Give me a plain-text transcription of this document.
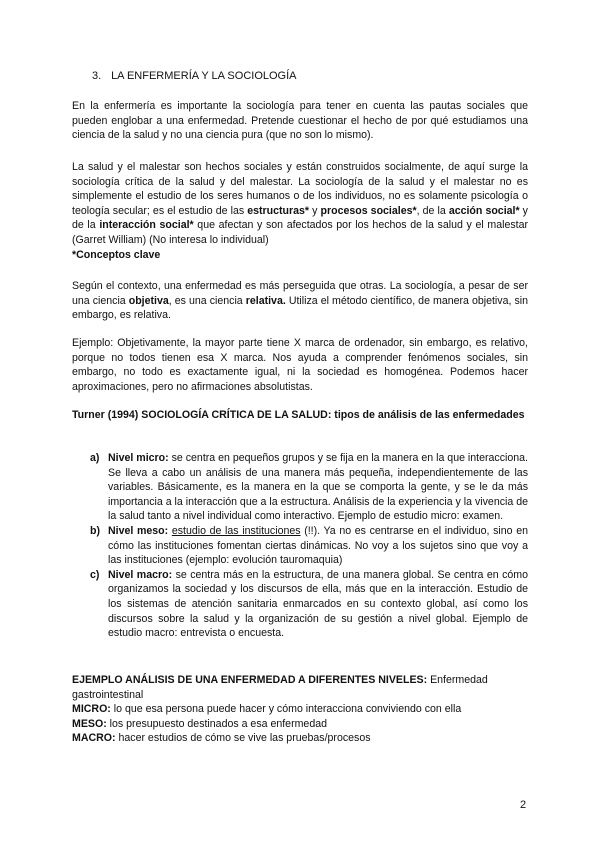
3. LA ENFERMERÍA Y LA SOCIOLOGÍA

En la enfermería es importante la sociología para tener en cuenta las pautas sociales que pueden englobar a una enfermedad. Pretende cuestionar el hecho de por qué estudiamos una ciencia de la salud y no una ciencia pura (que no son lo mismo).

La salud y el malestar son hechos sociales y están construidos socialmente, de aquí surge la sociología crítica de la salud y del malestar. La sociología de la salud y el malestar no es simplemente el estudio de los seres humanos o de los individuos, no es solamente psicología o teología secular; es el estudio de las estructuras* y procesos sociales*, de la acción social* y de la interacción social* que afectan y son afectados por los hechos de la salud y el malestar (Garret William) (No interesa lo individual)
*Conceptos clave
Según el contexto, una enfermedad es más perseguida que otras. La sociología, a pesar de ser una ciencia objetiva, es una ciencia relativa. Utiliza el método científico, de manera objetiva, sin embargo, es relativa.

Ejemplo: Objetivamente, la mayor parte tiene X marca de ordenador, sin embargo, es relativo, porque no todos tienen esa X marca. Nos ayuda a comprender fenómenos sociales, sin embargo, no todo es exactamente igual, ni la sociedad es homogénea. Podemos hacer aproximaciones, pero no afirmaciones absolutistas.

Turner (1994) SOCIOLOGÍA CRÍTICA DE LA SALUD: tipos de análisis de las enfermedades

a) Nivel micro: se centra en pequeños grupos y se fija en la manera en la que interacciona. Se lleva a cabo un análisis de una manera más pequeña, independientemente de las variables. Básicamente, es la manera en la que se comporta la gente, y se le da más importancia a la interacción que a la estructura. Análisis de la experiencia y la vivencia de la salud tanto a nivel individual como interactivo. Ejemplo de estudio micro: examen.
b) Nivel meso: estudio de las instituciones (!!). Ya no es centrarse en el individuo, sino en cómo las instituciones fomentan ciertas dinámicas. No voy a los sujetos sino que voy a las instituciones (ejemplo: evolución tauromaquia)
c) Nivel macro: se centra más en la estructura, de una manera global. Se centra en cómo organizamos la sociedad y los discursos de ella, más que en la interacción. Estudio de los sistemas de atención sanitaria enmarcados en su contexto global, así como los discursos sobre la salud y la organización de su gestión a nivel global. Ejemplo de estudio macro: entrevista o encuesta.
EJEMPLO ANÁLISIS DE UNA ENFERMEDAD A DIFERENTES NIVELES: Enfermedad gastrointestinal
MICRO: lo que esa persona puede hacer y cómo interacciona conviviendo con ella
MESO: los presupuesto destinados a esa enfermedad
MACRO: hacer estudios de cómo se vive las pruebas/procesos
2
